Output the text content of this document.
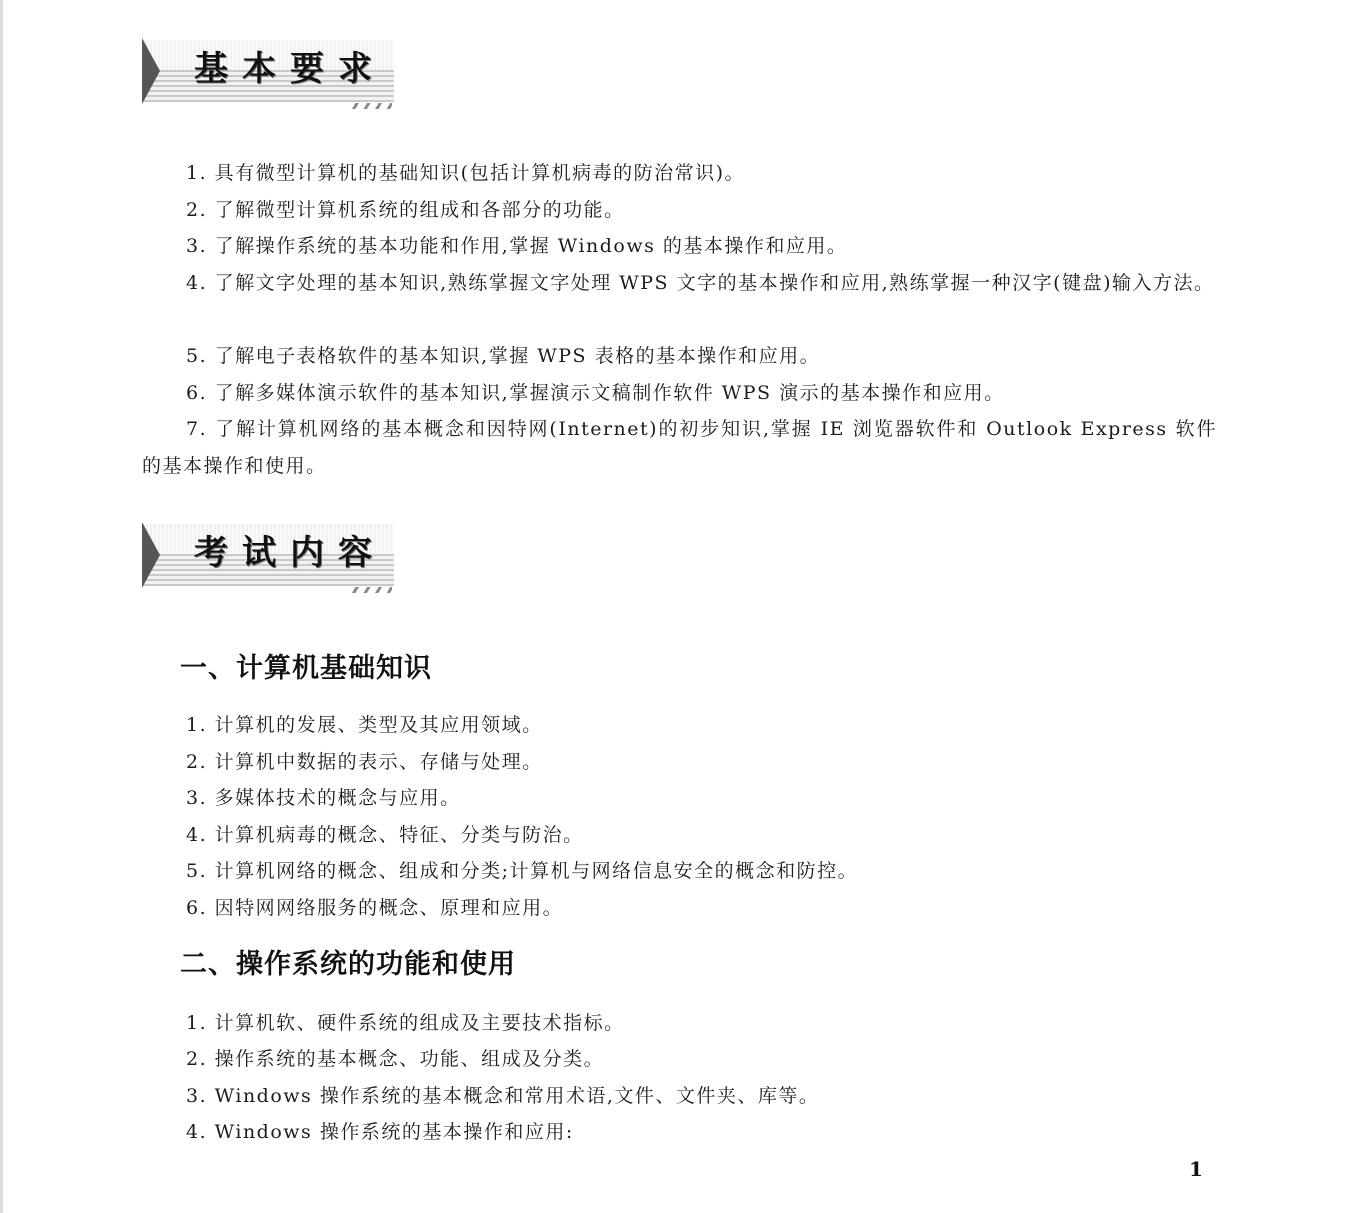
基本要求
1. 具有微型计算机的基础知识(包括计算机病毒的防治常识)。
2. 了解微型计算机系统的组成和各部分的功能。
3. 了解操作系统的基本功能和作用,掌握 Windows 的基本操作和应用。
4. 了解文字处理的基本知识,熟练掌握文字处理 WPS 文字的基本操作和应用,熟练掌握一种汉字(键盘)输入方法。
5. 了解电子表格软件的基本知识,掌握 WPS 表格的基本操作和应用。
6. 了解多媒体演示软件的基本知识,掌握演示文稿制作软件 WPS 演示的基本操作和应用。
7. 了解计算机网络的基本概念和因特网(Internet)的初步知识,掌握 IE 浏览器软件和 Outlook Express 软件的基本操作和使用。
考试内容
一、计算机基础知识
1. 计算机的发展、类型及其应用领域。
2. 计算机中数据的表示、存储与处理。
3. 多媒体技术的概念与应用。
4. 计算机病毒的概念、特征、分类与防治。
5. 计算机网络的概念、组成和分类;计算机与网络信息安全的概念和防控。
6. 因特网网络服务的概念、原理和应用。
二、操作系统的功能和使用
1. 计算机软、硬件系统的组成及主要技术指标。
2. 操作系统的基本概念、功能、组成及分类。
3. Windows 操作系统的基本概念和常用术语,文件、文件夹、库等。
4. Windows 操作系统的基本操作和应用:
1
